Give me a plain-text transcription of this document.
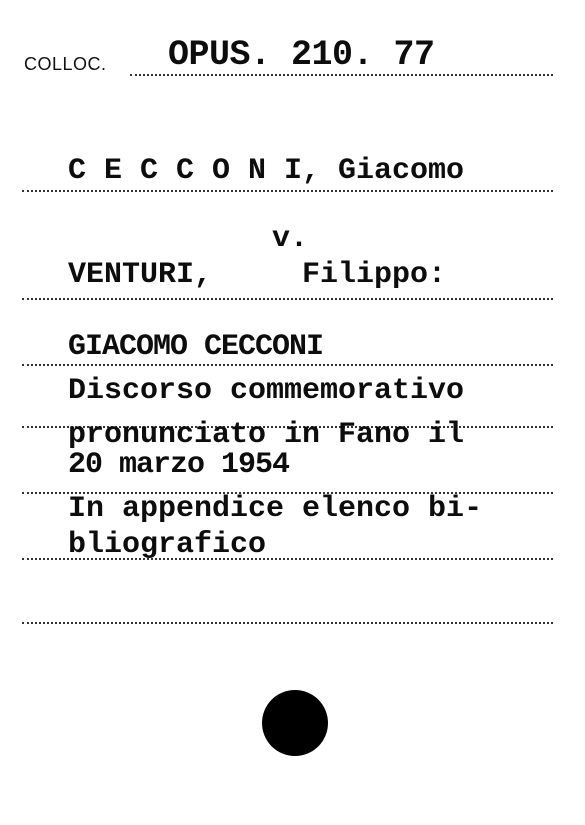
COLLOC. OPUS. 210. 77
C E C C O N I, Giacomo
v.
VENTURI,     Filippo:
GIACOMO CECCONI
Discorso commemorativo
pronunciato in Fano il
20 marzo 1954
In appendice elenco bi-
bliografico
